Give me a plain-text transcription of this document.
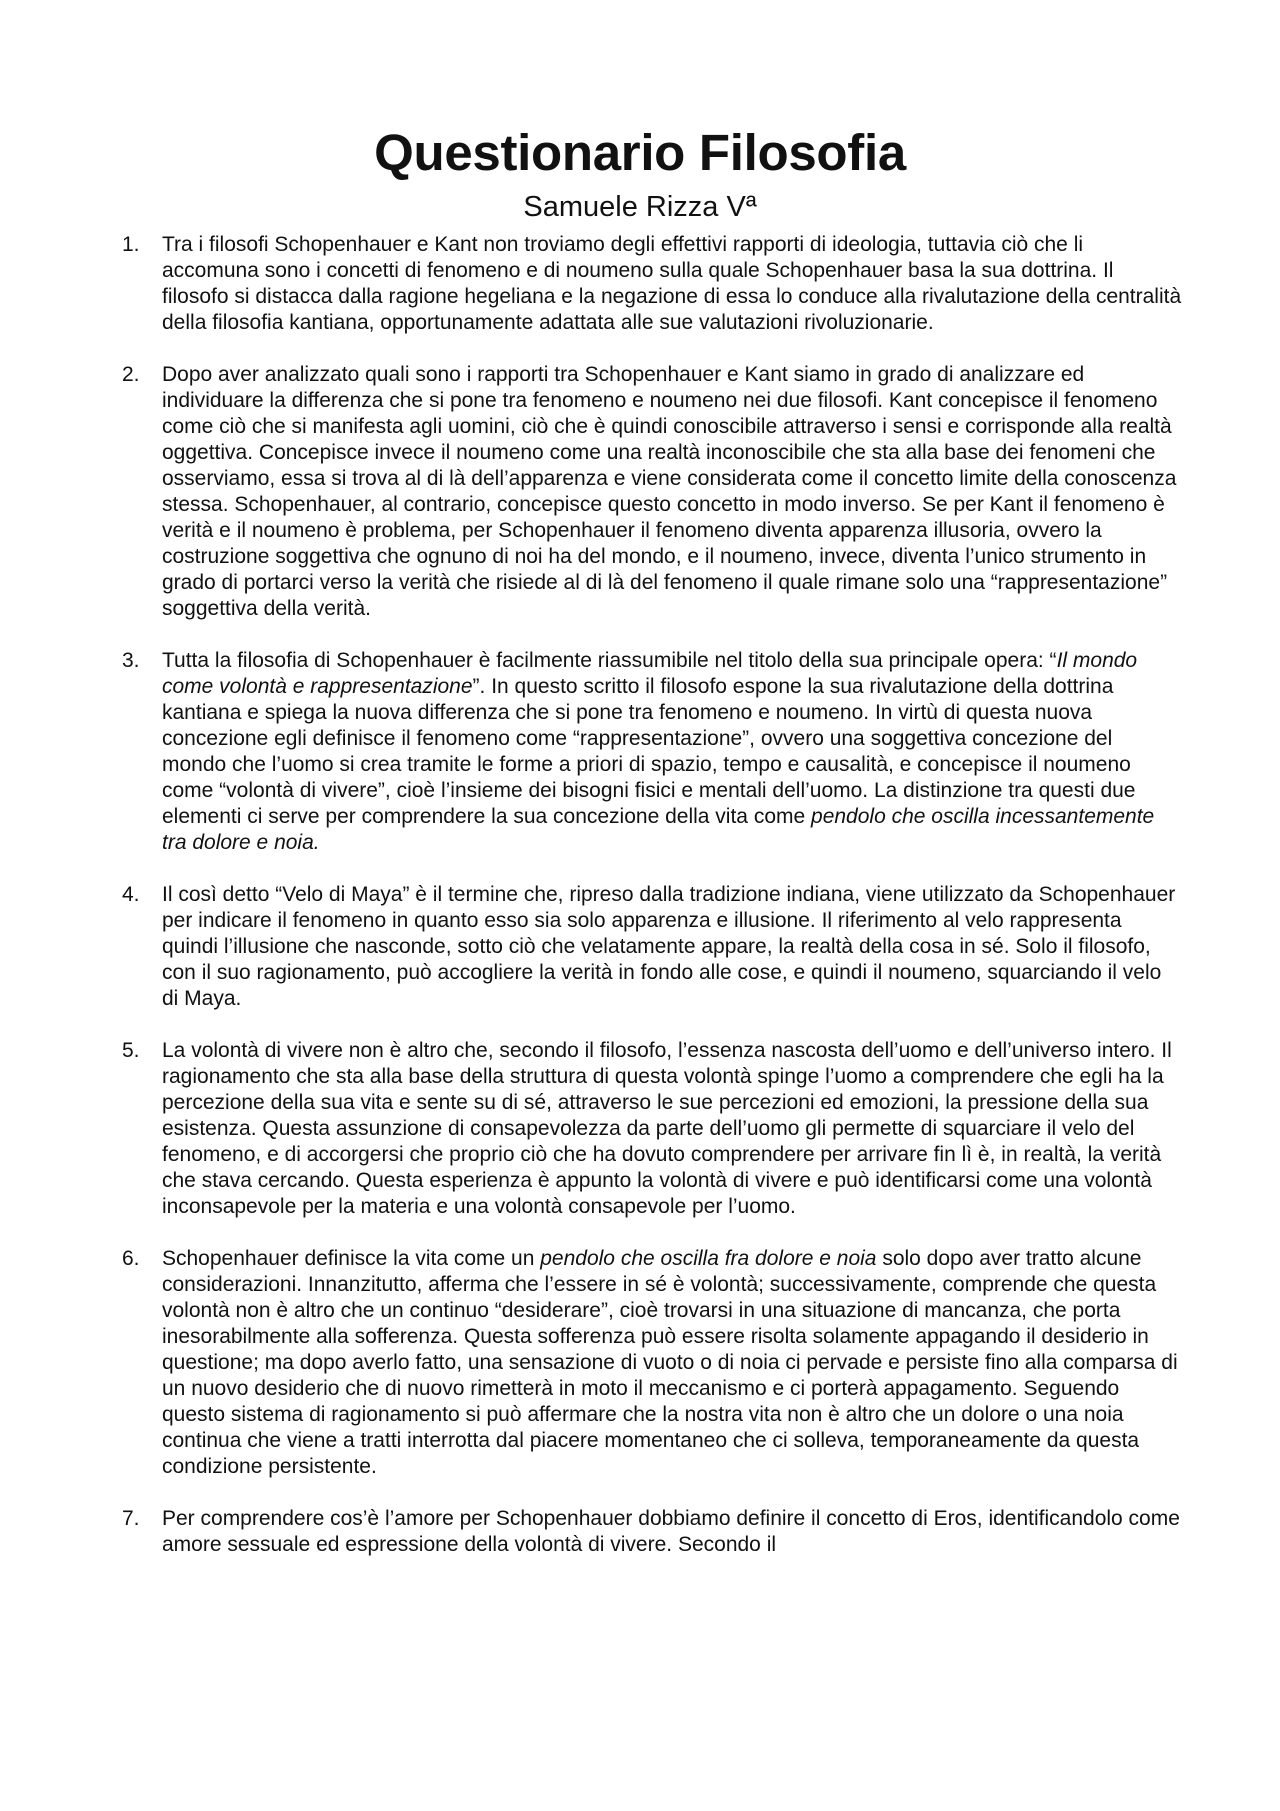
Questionario Filosofia
Samuele Rizza Vª
1.	Tra i filosofi Schopenhauer e Kant non troviamo degli effettivi rapporti di ideologia, tuttavia ciò che li accomuna sono i concetti di fenomeno e di noumeno sulla quale Schopenhauer basa la sua dottrina. Il filosofo si distacca dalla ragione hegeliana e la negazione di essa lo conduce alla rivalutazione della centralità della filosofia kantiana, opportunamente adattata alle sue valutazioni rivoluzionarie.
2.	Dopo aver analizzato quali sono i rapporti tra Schopenhauer e Kant siamo in grado di analizzare ed individuare la differenza che si pone tra fenomeno e noumeno nei due filosofi. Kant concepisce il fenomeno come ciò che si manifesta agli uomini, ciò che è quindi conoscibile attraverso i sensi e corrisponde alla realtà oggettiva. Concepisce invece il noumeno come una realtà inconoscibile che sta alla base dei fenomeni che osserviamo, essa si trova al di là dell’apparenza e viene considerata come il concetto limite della conoscenza stessa. Schopenhauer, al contrario, concepisce questo concetto in modo inverso. Se per Kant il fenomeno è verità e il noumeno è problema, per Schopenhauer il fenomeno diventa apparenza illusoria, ovvero la costruzione soggettiva che ognuno di noi ha del mondo, e il noumeno, invece, diventa l’unico strumento in grado di portarci verso la verità che risiede al di là del fenomeno il quale rimane solo una “rappresentazione” soggettiva della verità.
3.	Tutta la filosofia di Schopenhauer è facilmente riassumibile nel titolo della sua principale opera: “Il mondo come volontà e rappresentazione”. In questo scritto il filosofo espone la sua rivalutazione della dottrina kantiana e spiega la nuova differenza che si pone tra fenomeno e noumeno. In virtù di questa nuova concezione egli definisce il fenomeno come “rappresentazione”, ovvero una soggettiva concezione del mondo che l’uomo si crea tramite le forme a priori di spazio, tempo e causalità, e concepisce il noumeno come “volontà di vivere”, cioè l’insieme dei bisogni fisici e mentali dell’uomo. La distinzione tra questi due elementi ci serve per comprendere la sua concezione della vita come pendolo che oscilla incessantemente tra dolore e noia.
4.	Il così detto “Velo di Maya” è il termine che, ripreso dalla tradizione indiana, viene utilizzato da Schopenhauer per indicare il fenomeno in quanto esso sia solo apparenza e illusione. Il riferimento al velo rappresenta quindi l’illusione che nasconde, sotto ciò che velatamente appare, la realtà della cosa in sé. Solo il filosofo, con il suo ragionamento, può accogliere la verità in fondo alle cose, e quindi il noumeno, squarciando il velo di Maya.
5.	La volontà di vivere non è altro che, secondo il filosofo, l’essenza nascosta dell’uomo e dell’universo intero. Il ragionamento che sta alla base della struttura di questa volontà spinge l’uomo a comprendere che egli ha la percezione della sua vita e sente su di sé, attraverso le sue percezioni ed emozioni, la pressione della sua esistenza. Questa assunzione di consapevolezza da parte dell’uomo gli permette di squarciare il velo del fenomeno, e di accorgersi che proprio ciò che ha dovuto comprendere per arrivare fin lì è, in realtà, la verità che stava cercando. Questa esperienza è appunto la volontà di vivere e può identificarsi come una volontà inconsapevole per la materia e una volontà consapevole per l’uomo.
6.	Schopenhauer definisce la vita come un pendolo che oscilla fra dolore e noia solo dopo aver tratto alcune considerazioni. Innanzitutto, afferma che l’essere in sé è volontà; successivamente, comprende che questa volontà non è altro che un continuo “desiderare”, cioè trovarsi in una situazione di mancanza, che porta inesorabilmente alla sofferenza. Questa sofferenza può essere risolta solamente appagando il desiderio in questione; ma dopo averlo fatto, una sensazione di vuoto o di noia ci pervade e persiste fino alla comparsa di un nuovo desiderio che di nuovo rimetterà in moto il meccanismo e ci porterà appagamento. Seguendo questo sistema di ragionamento si può affermare che la nostra vita non è altro che un dolore o una noia continua che viene a tratti interrotta dal piacere momentaneo che ci solleva, temporaneamente da questa condizione persistente.
7.	Per comprendere cos’è l’amore per Schopenhauer dobbiamo definire il concetto di Eros, identificandolo come amore sessuale ed espressione della volontà di vivere. Secondo il
